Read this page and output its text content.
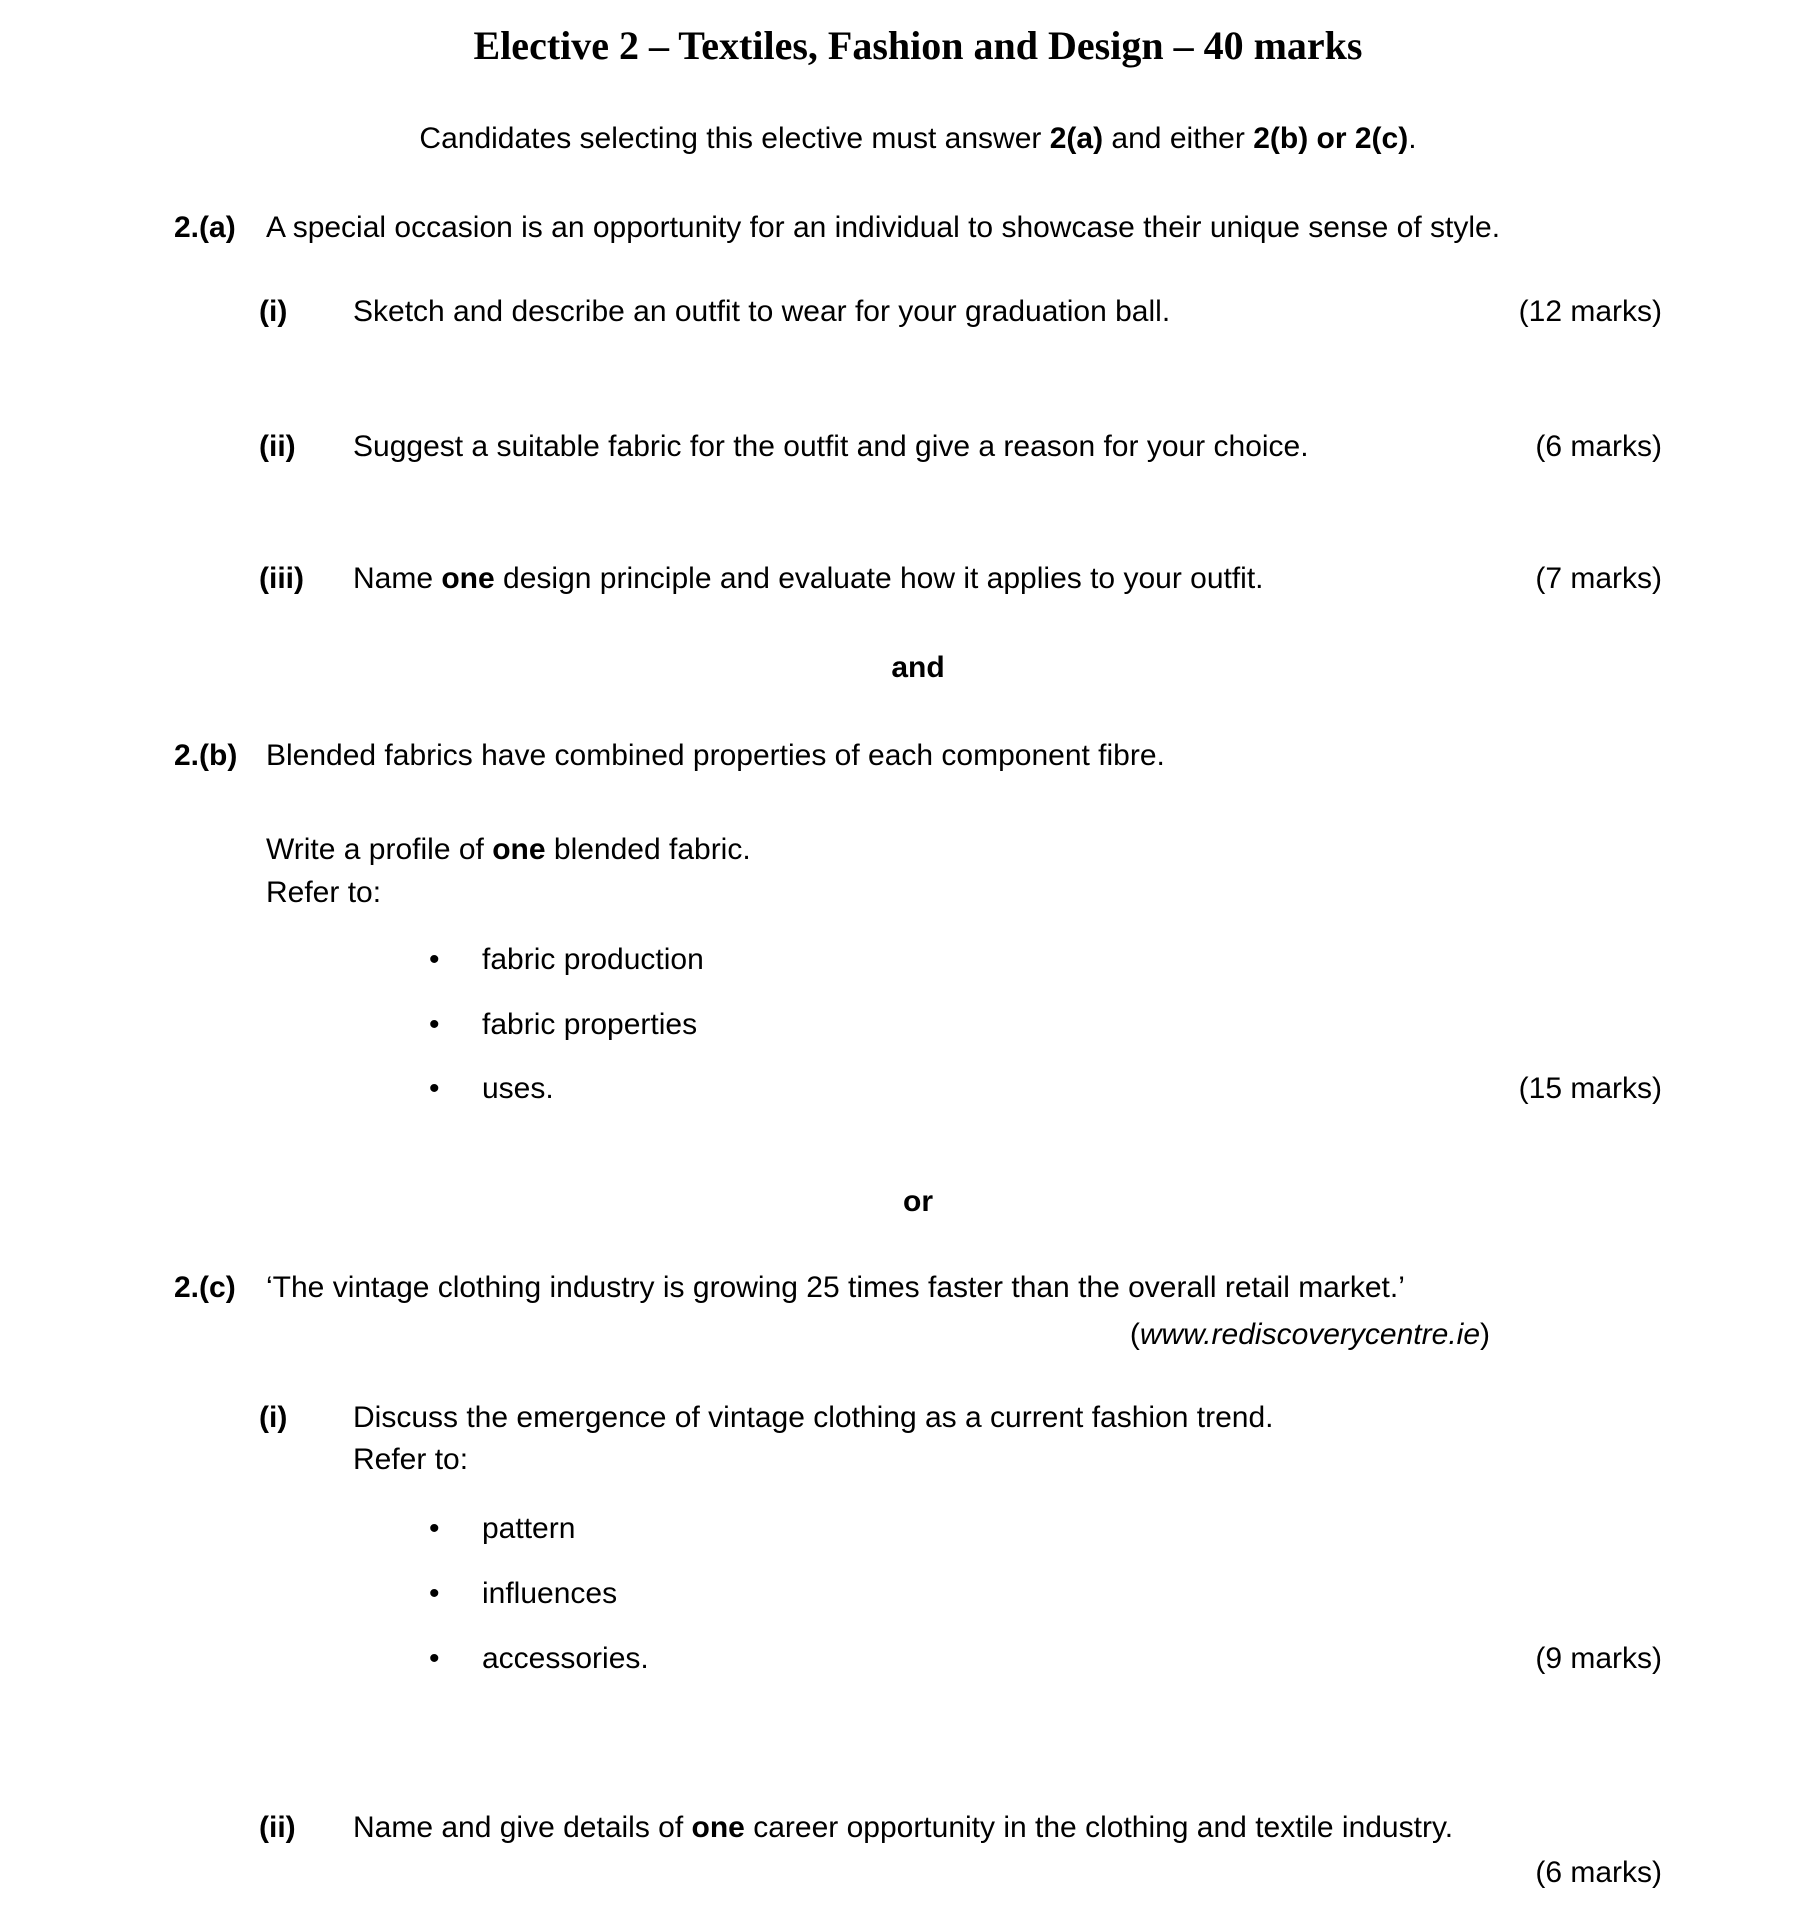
Elective 2 – Textiles, Fashion and Design – 40 marks
Candidates selecting this elective must answer 2(a) and either 2(b) or 2(c).
2.(a) A special occasion is an opportunity for an individual to showcase their unique sense of style.
(i) Sketch and describe an outfit to wear for your graduation ball.	(12 marks)
(ii) Suggest a suitable fabric for the outfit and give a reason for your choice.	(6 marks)
(iii) Name one design principle and evaluate how it applies to your outfit.	(7 marks)
and
2.(b) Blended fabrics have combined properties of each component fibre.
Write a profile of one blended fabric.
Refer to:
• fabric production
• fabric properties
• uses.	(15 marks)
or
2.(c) ‘The vintage clothing industry is growing 25 times faster than the overall retail market.’
(www.rediscoverycentre.ie)
(i) Discuss the emergence of vintage clothing as a current fashion trend.
Refer to:
• pattern
• influences
• accessories.	(9 marks)
(ii) Name and give details of one career opportunity in the clothing and textile industry.
(6 marks)
